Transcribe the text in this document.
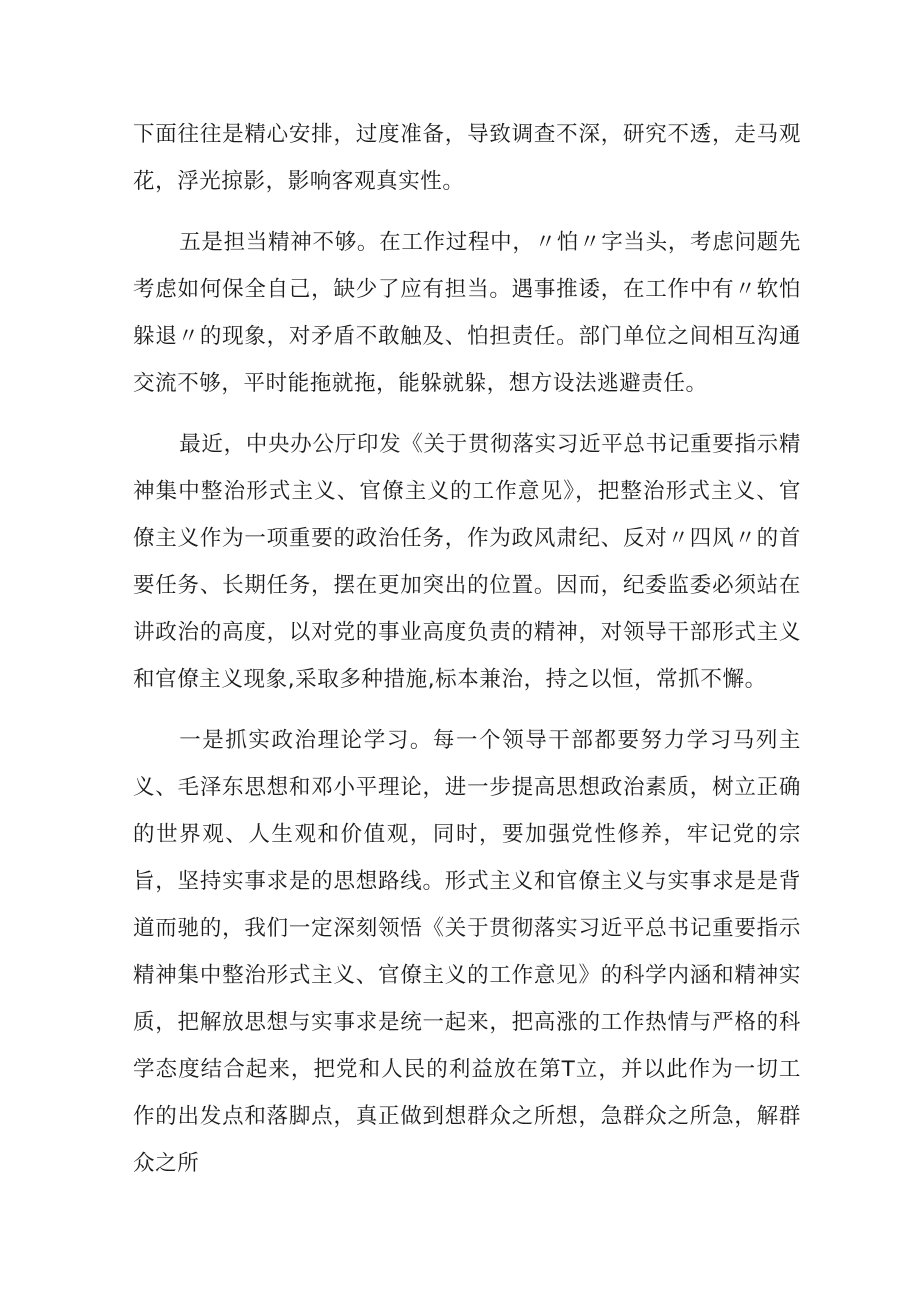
下面往往是精心安排，过度准备，导致调查不深，研究不透，走马观花，浮光掠影，影响客观真实性。

五是担当精神不够。在工作过程中，〃怕〃字当头，考虑问题先考虑如何保全自己，缺少了应有担当。遇事推诿，在工作中有〃软怕躲退〃的现象，对矛盾不敢触及、怕担责任。部门单位之间相互沟通交流不够，平时能拖就拖，能躲就躲，想方设法逃避责任。

最近，中央办公厅印发《关于贯彻落实习近平总书记重要指示精神集中整治形式主义、官僚主义的工作意见》，把整治形式主义、官僚主义作为一项重要的政治任务，作为政风肃纪、反对〃四风〃的首要任务、长期任务，摆在更加突出的位置。因而，纪委监委必须站在讲政治的高度，以对党的事业高度负责的精神，对领导干部形式主义和官僚主义现象,采取多种措施,标本兼治，持之以恒，常抓不懈。

一是抓实政治理论学习。每一个领导干部都要努力学习马列主义、毛泽东思想和邓小平理论，进一步提高思想政治素质，树立正确的世界观、人生观和价值观，同时，要加强党性修养，牢记党的宗旨，坚持实事求是的思想路线。形式主义和官僚主义与实事求是是背道而驰的，我们一定深刻领悟《关于贯彻落实习近平总书记重要指示精神集中整治形式主义、官僚主义的工作意见》的科学内涵和精神实质，把解放思想与实事求是统一起来，把高涨的工作热情与严格的科学态度结合起来，把党和人民的利益放在第T立，并以此作为一切工作的出发点和落脚点，真正做到想群众之所想，急群众之所急，解群众之所
